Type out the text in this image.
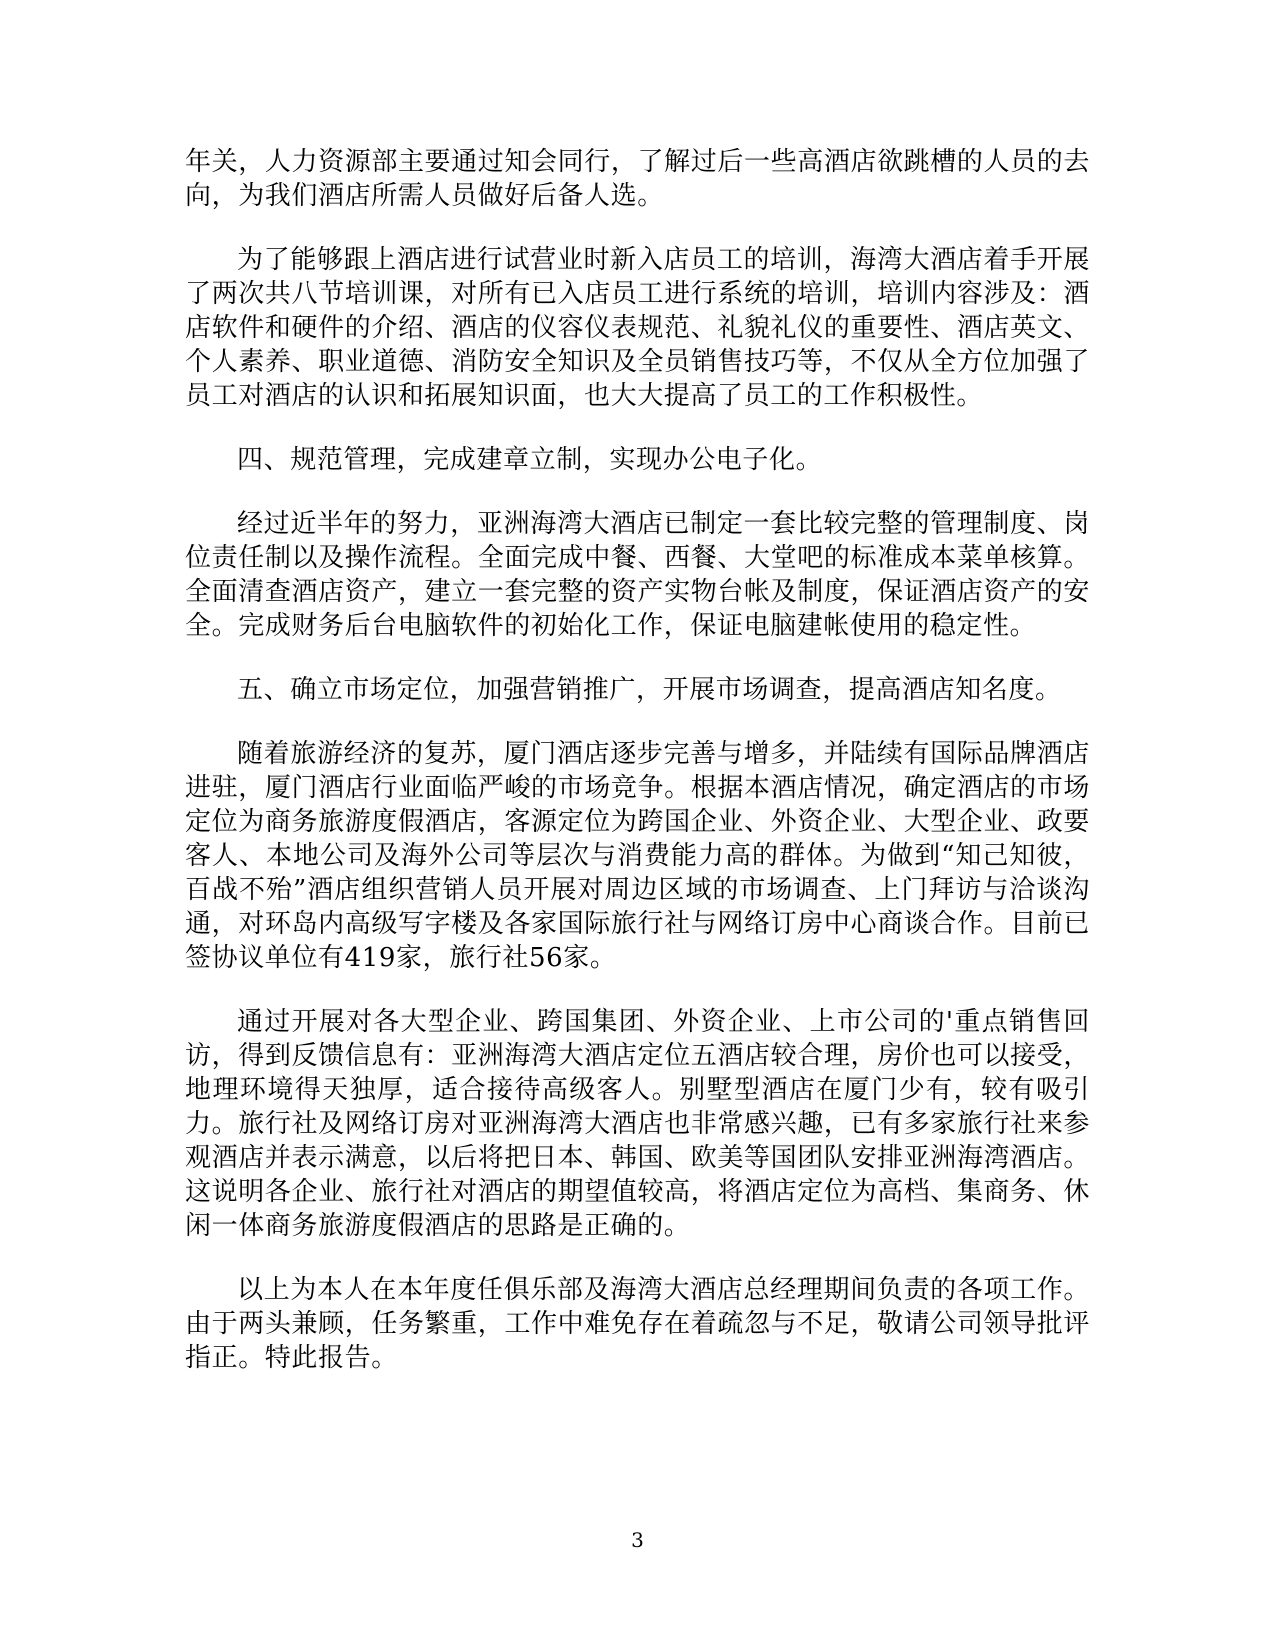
年关，人力资源部主要通过知会同行，了解过后一些高酒店欲跳槽的人员的去向，为我们酒店所需人员做好后备人选。

为了能够跟上酒店进行试营业时新入店员工的培训，海湾大酒店着手开展了两次共八节培训课，对所有已入店员工进行系统的培训，培训内容涉及：酒店软件和硬件的介绍、酒店的仪容仪表规范、礼貌礼仪的重要性、酒店英文、个人素养、职业道德、消防安全知识及全员销售技巧等，不仅从全方位加强了员工对酒店的认识和拓展知识面，也大大提高了员工的工作积极性。

四、规范管理，完成建章立制，实现办公电子化。

经过近半年的努力，亚洲海湾大酒店已制定一套比较完整的管理制度、岗位责任制以及操作流程。全面完成中餐、西餐、大堂吧的标准成本菜单核算。全面清查酒店资产，建立一套完整的资产实物台帐及制度，保证酒店资产的安全。完成财务后台电脑软件的初始化工作，保证电脑建帐使用的稳定性。

五、确立市场定位，加强营销推广，开展市场调查，提高酒店知名度。

随着旅游经济的复苏，厦门酒店逐步完善与增多，并陆续有国际品牌酒店进驻，厦门酒店行业面临严峻的市场竞争。根据本酒店情况，确定酒店的市场定位为商务旅游度假酒店，客源定位为跨国企业、外资企业、大型企业、政要客人、本地公司及海外公司等层次与消费能力高的群体。为做到“知己知彼，百战不殆”酒店组织营销人员开展对周边区域的市场调查、上门拜访与洽谈沟通，对环岛内高级写字楼及各家国际旅行社与网络订房中心商谈合作。目前已签协议单位有419家，旅行社56家。

通过开展对各大型企业、跨国集团、外资企业、上市公司的'重点销售回访，得到反馈信息有：亚洲海湾大酒店定位五酒店较合理，房价也可以接受，地理环境得天独厚，适合接待高级客人。别墅型酒店在厦门少有，较有吸引力。旅行社及网络订房对亚洲海湾大酒店也非常感兴趣，已有多家旅行社来参观酒店并表示满意，以后将把日本、韩国、欧美等国团队安排亚洲海湾酒店。这说明各企业、旅行社对酒店的期望值较高，将酒店定位为高档、集商务、休闲一体商务旅游度假酒店的思路是正确的。

以上为本人在本年度任俱乐部及海湾大酒店总经理期间负责的各项工作。由于两头兼顾，任务繁重，工作中难免存在着疏忽与不足，敬请公司领导批评指正。特此报告。

3
